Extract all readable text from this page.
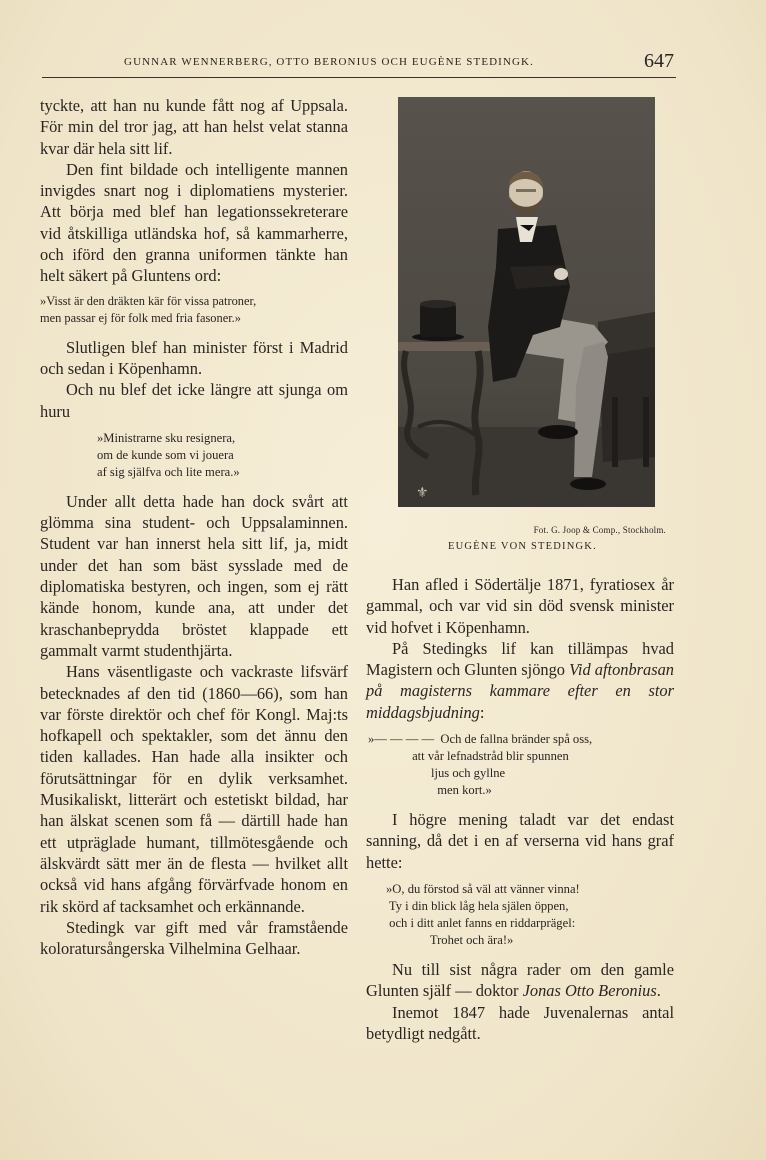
GUNNAR WENNERBERG, OTTO BERONIUS OCH EUGÈNE STEDINGK.	647

tyckte, att han nu kunde fått nog af Uppsala. För min del tror jag, att han helst velat stanna kvar där hela sitt lif.

Den fint bildade och intelligente mannen invigdes snart nog i diplomatiens mysterier. Att börja med blef han legationssekreterare vid åtskilliga utländska hof, så kammarherre, och iförd den granna uniformen tänkte han helt säkert på Gluntens ord:

»Visst är den dräkten kär för vissa patroner,
men passar ej för folk med fria fasoner.»

Slutligen blef han minister först i Madrid och sedan i Köpenhamn.

Och nu blef det icke längre att sjunga om huru

»Ministrarne sku resignera,
om de kunde som vi jouera
af sig själfva och lite mera.»

Under allt detta hade han dock svårt att glömma sina student- och Uppsalaminnen. Student var han innerst hela sitt lif, ja, midt under det han som bäst sysslade med de diplomatiska bestyren, och ingen, som ej rätt kände honom, kunde ana, att under det kraschanbeprydda bröstet klappade ett gammalt varmt studenthjärta.

Hans väsentligaste och vackraste lifsvärf betecknades af den tid (1860—66), som han var förste direktör och chef för Kongl. Maj:ts hofkapell och spektakler, som det ännu den tiden kallades. Han hade alla insikter och förutsättningar för en dylik verksamhet. Musikaliskt, litterärt och estetiskt bildad, har han älskat scenen som få — därtill hade han ett utpräglade humant, tillmötesgående och älskvärdt sätt mer än de flesta — hvilket allt också vid hans afgång förvärfvade honom en rik skörd af tacksamhet och erkännande.

Stedingk var gift med vår framstående koloratursångerska Vilhelmina Gelhaar.

⚜
Fot. G. Joop & Comp., Stockholm.
EUGÈNE VON STEDINGK.

Han afled i Södertälje 1871, fyratiosex år gammal, och var vid sin död svensk minister vid hofvet i Köpenhamn.

På Stedingks lif kan tillämpas hvad Magistern och Glunten sjöngo Vid aftonbrasan på magisterns kammare efter en stor middagsbjudning:

»— — — —  Och de fallna bränder spå oss,
att vår lefnadstråd blir spunnen
ljus och gyllne
men kort.»

I högre mening taladt var det endast sanning, då det i en af verserna vid hans graf hette:

»O, du förstod så väl att vänner vinna!
Ty i din blick låg hela själen öppen,
och i ditt anlet fanns en riddarprägel:
Trohet och ära!»

Nu till sist några rader om den gamle Glunten själf — doktor Jonas Otto Beronius.

Inemot 1847 hade Juvenalernas antal betydligt nedgått.
